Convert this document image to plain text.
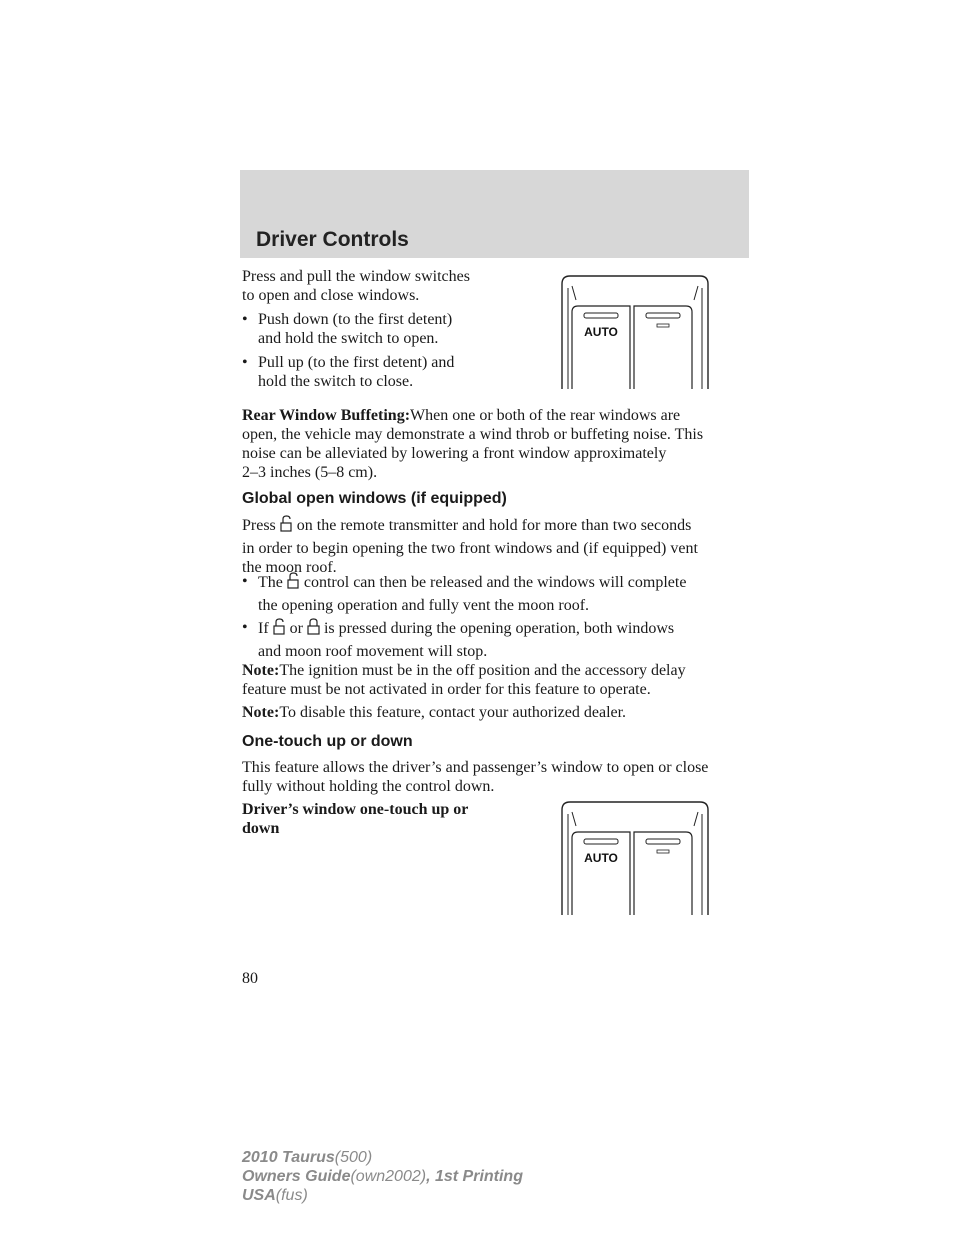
Driver Controls
Press and pull the window switches
to open and close windows.
• Push down (to the first detent)
and hold the switch to open.
• Pull up (to the first detent) and
hold the switch to close.
AUTO
Rear Window Buffeting:When one or both of the rear windows are
open, the vehicle may demonstrate a wind throb or buffeting noise. This
noise can be alleviated by lowering a front window approximately
2–3 inches (5–8 cm).
Global open windows (if equipped)
Press on the remote transmitter and hold for more than two seconds
in order to begin opening the two front windows and (if equipped) vent
the moon roof.
• The control can then be released and the windows will complete
the opening operation and fully vent the moon roof.
• If or is pressed during the opening operation, both windows
and moon roof movement will stop.
Note:The ignition must be in the off position and the accessory delay
feature must be not activated in order for this feature to operate.
Note:To disable this feature, contact your authorized dealer.
One-touch up or down
This feature allows the driver’s and passenger’s window to open or close
fully without holding the control down.
Driver’s window one-touch up or
down
AUTO
80
2010 Taurus(500)
Owners Guide(own2002), 1st Printing
USA(fus)
